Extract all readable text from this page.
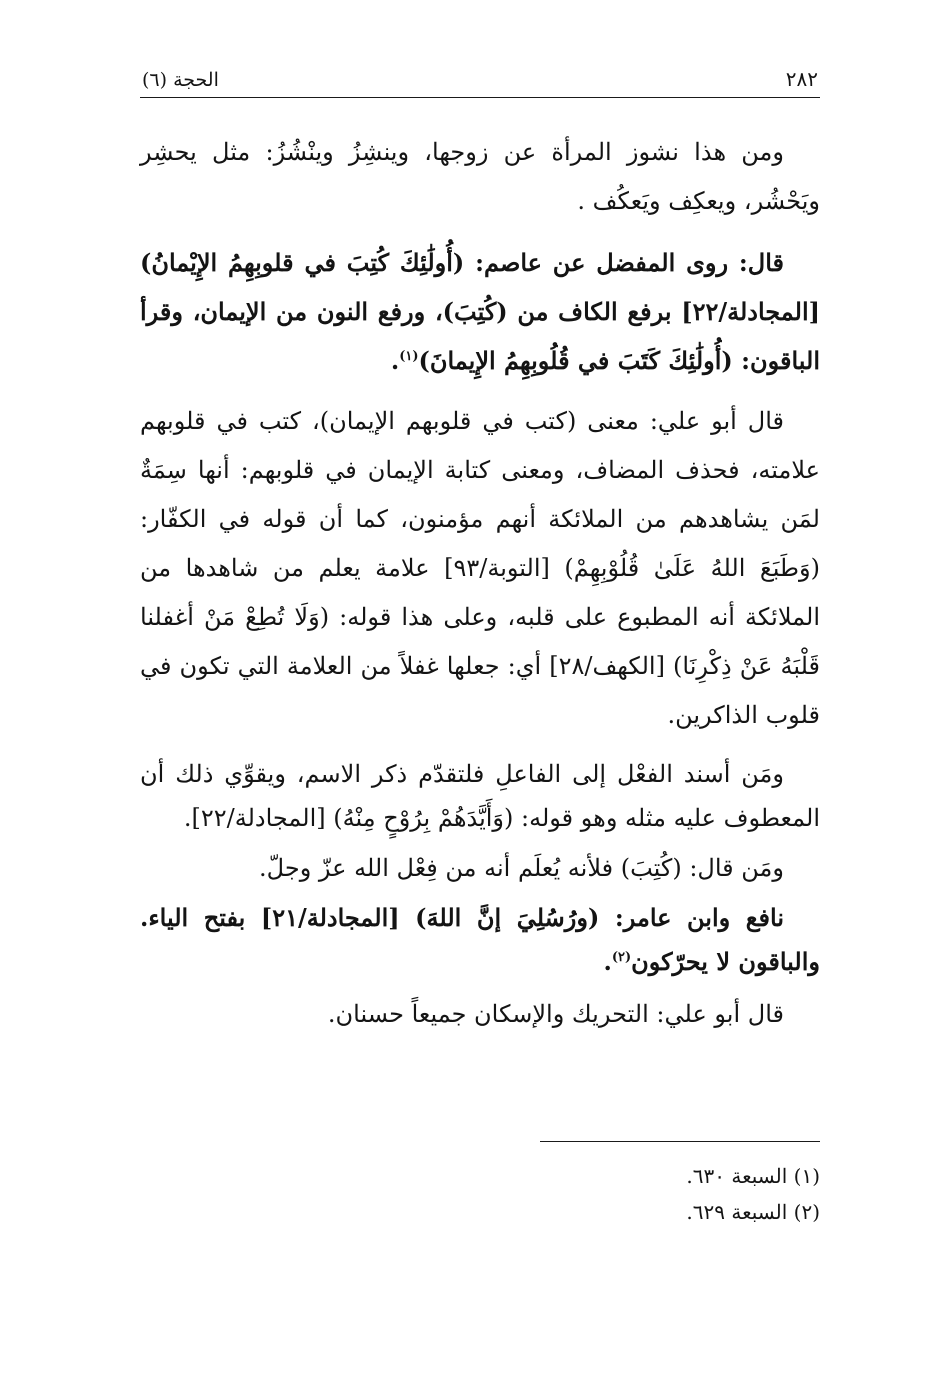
٢٨٢
الحجة (٦)

ومن هذا نشوز المرأة عن زوجها، وينشِزُ وينْشُزُ: مثل يحشِر ويَحْشُر، ويعكِف ويَعكُف .

قال: روى المفضل عن عاصم: (أُولَٰئِكَ كُتِبَ في قلوبِهِمُ الإِيْمانُ) [المجادلة/٢٢] برفع الكاف من (كُتِبَ)، ورفع النون من الإيمان، وقرأ الباقون: (أُولَٰئِكَ كَتَبَ في قُلُوبِهِمُ الإِيمانَ)$^{(١)}$.

قال أبو علي: معنى (كتب في قلوبهم الإيمان)، كتب في قلوبهم علامته، فحذف المضاف، ومعنى كتابة الإيمان في قلوبهم: أنها سِمَةٌ لمَن يشاهدهم من الملائكة أنهم مؤمنون، كما أن قوله في الكفّار: (وَطَبَعَ اللهُ عَلَىٰ قُلُوْبِهِمْ) [التوبة/٩٣] علامة يعلم من شاهدها من الملائكة أنه المطبوع على قلبه، وعلى هذا قوله: (وَلَا تُطِعْ مَنْ أغفلنا قَلْبَهُ عَنْ ذِكْرِنَا) [الكهف/٢٨] أي: جعلها غفلاً من العلامة التي تكون في قلوب الذاكرين.

ومَن أسند الفعْل إلى الفاعلِ فلتقدّم ذكر الاسم، ويقوِّي ذلك أن المعطوف عليه مثله وهو قوله: (وَأَيَّدَهُمْ بِرُوْحٍ مِنْهُ) [المجادلة/٢٢].

ومَن قال: (كُتِبَ) فلأنه يُعلَم أنه من فِعْل الله عزّ وجلّ.

نافع وابن عامر: (ورُسُلِيَ إنَّ اللهَ) [المجادلة/٢١] بفتح الياء. والباقون لا يحرّكون$^{(٢)}$.

قال أبو علي: التحريك والإسكان جميعاً حسنان.

(١) السبعة ٦٣٠.
(٢) السبعة ٦٢٩.
